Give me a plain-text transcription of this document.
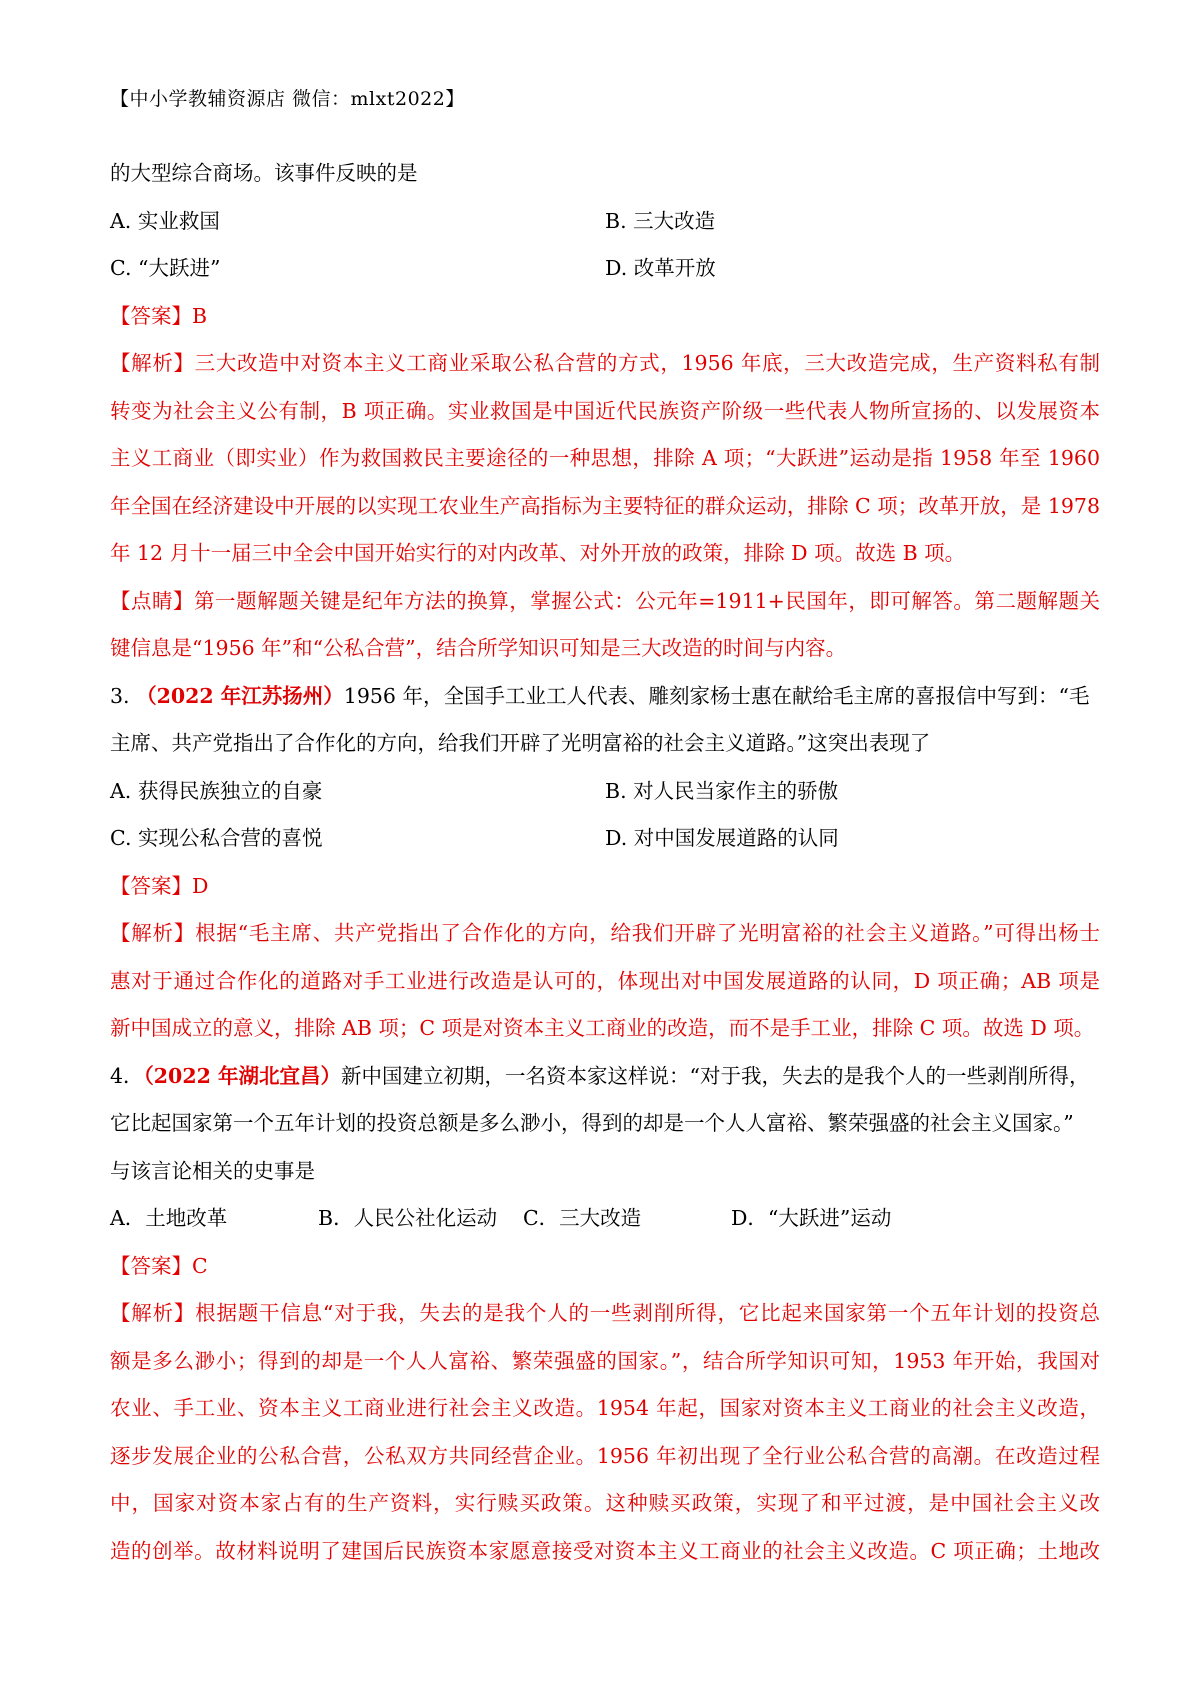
【中小学教辅资源店 微信：mlxt2022】
的大型综合商场。该事件反映的是
A. 实业救国	B. 三大改造
C. “大跃进”	D. 改革开放
【答案】B
【解析】三大改造中对资本主义工商业采取公私合营的方式，1956 年底，三大改造完成，生产资料私有制
转变为社会主义公有制，B 项正确。实业救国是中国近代民族资产阶级一些代表人物所宣扬的、以发展资本
主义工商业（即实业）作为救国救民主要途径的一种思想，排除 A 项；“大跃进”运动是指 1958 年至 1960
年全国在经济建设中开展的以实现工农业生产高指标为主要特征的群众运动，排除 C 项；改革开放，是 1978
年 12 月十一届三中全会中国开始实行的对内改革、对外开放的政策，排除 D 项。故选 B 项。
【点睛】第一题解题关键是纪年方法的换算，掌握公式：公元年=1911+民国年，即可解答。第二题解题关
键信息是“1956 年”和“公私合营”，结合所学知识可知是三大改造的时间与内容。
3. （2022 年江苏扬州）1956 年，全国手工业工人代表、雕刻家杨士惠在献给毛主席的喜报信中写到：“毛
主席、共产党指出了合作化的方向，给我们开辟了光明富裕的社会主义道路。”这突出表现了
A. 获得民族独立的自豪	B. 对人民当家作主的骄傲
C. 实现公私合营的喜悦	D. 对中国发展道路的认同
【答案】D
【解析】根据“毛主席、共产党指出了合作化的方向，给我们开辟了光明富裕的社会主义道路。”可得出杨士
惠对于通过合作化的道路对手工业进行改造是认可的，体现出对中国发展道路的认同，D 项正确；AB 项是
新中国成立的意义，排除 AB 项；C 项是对资本主义工商业的改造，而不是手工业，排除 C 项。故选 D 项。
4．（2022 年湖北宜昌）新中国建立初期，一名资本家这样说：“对于我，失去的是我个人的一些剥削所得，
它比起国家第一个五年计划的投资总额是多么渺小，得到的却是一个人人富裕、繁荣强盛的社会主义国家。”
与该言论相关的史事是
A．土地改革	B．人民公社化运动	C．三大改造	D．“大跃进”运动
【答案】C
【解析】根据题干信息“对于我，失去的是我个人的一些剥削所得，它比起来国家第一个五年计划的投资总
额是多么渺小；得到的却是一个人人富裕、繁荣强盛的国家。”，结合所学知识可知，1953 年开始，我国对
农业、手工业、资本主义工商业进行社会主义改造。1954 年起，国家对资本主义工商业的社会主义改造，
逐步发展企业的公私合营，公私双方共同经营企业。1956 年初出现了全行业公私合营的高潮。在改造过程
中，国家对资本家占有的生产资料，实行赎买政策。这种赎买政策，实现了和平过渡，是中国社会主义改
造的创举。故材料说明了建国后民族资本家愿意接受对资本主义工商业的社会主义改造。C 项正确；土地改
